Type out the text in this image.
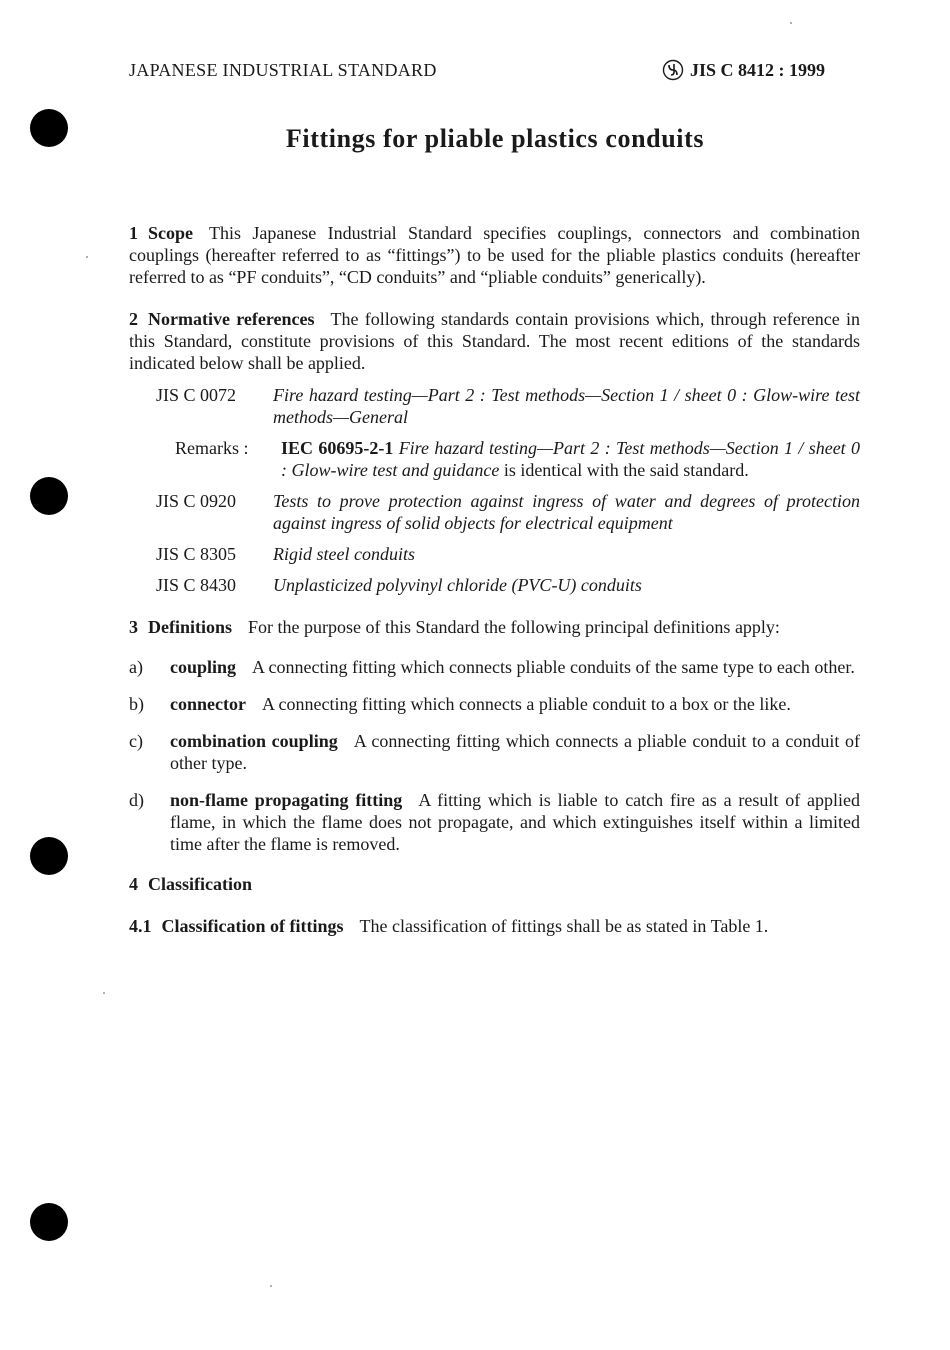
JAPANESE INDUSTRIAL STANDARD	JIS C 8412 : 1999
Fittings for pliable plastics conduits

1 Scope This Japanese Industrial Standard specifies couplings, connectors and combination couplings (hereafter referred to as “fittings”) to be used for the pliable plastics conduits (hereafter referred to as “PF conduits”, “CD conduits” and “pliable conduits” generically).

2 Normative references The following standards contain provisions which, through reference in this Standard, constitute provisions of this Standard. The most recent editions of the standards indicated below shall be applied.

JIS C 0072	Fire hazard testing—Part 2 : Test methods—Section 1 / sheet 0 : Glow-wire test methods—General
Remarks :	IEC 60695-2-1 Fire hazard testing—Part 2 : Test methods—Section 1 / sheet 0 : Glow-wire test and guidance is identical with the said standard.
JIS C 0920	Tests to prove protection against ingress of water and degrees of protection against ingress of solid objects for electrical equipment
JIS C 8305	Rigid steel conduits
JIS C 8430	Unplasticized polyvinyl chloride (PVC-U) conduits

3 Definitions For the purpose of this Standard the following principal definitions apply:

a)	coupling A connecting fitting which connects pliable conduits of the same type to each other.
b)	connector A connecting fitting which connects a pliable conduit to a box or the like.
c)	combination coupling A connecting fitting which connects a pliable conduit to a conduit of other type.
d)	non-flame propagating fitting A fitting which is liable to catch fire as a result of applied flame, in which the flame does not propagate, and which extinguishes itself within a limited time after the flame is removed.

4 Classification

4.1 Classification of fittings The classification of fittings shall be as stated in Table 1.
